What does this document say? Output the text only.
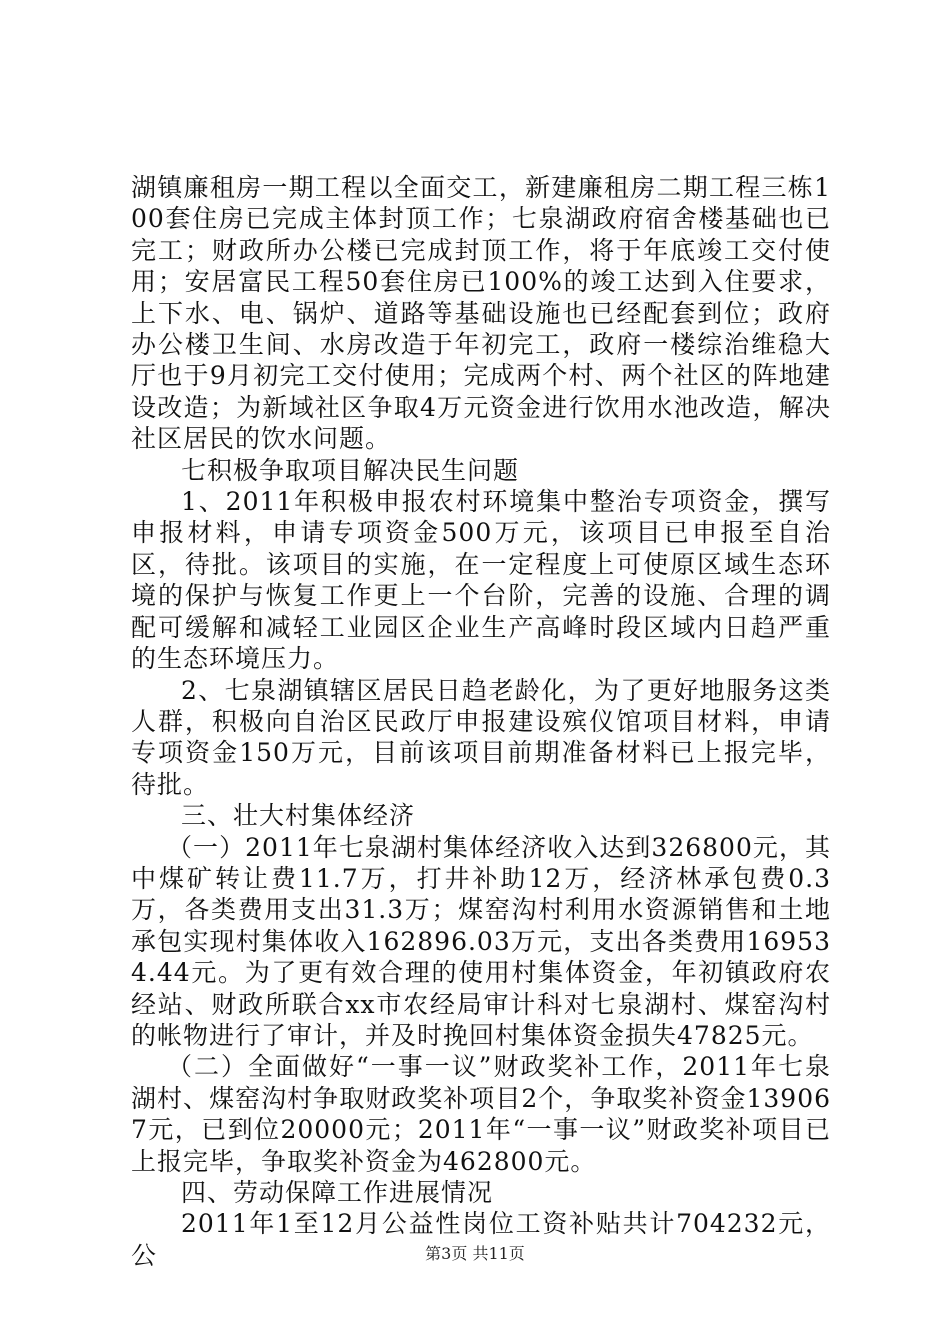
湖镇廉租房一期工程以全面交工，新建廉租房二期工程三栋100套住房已完成主体封顶工作；七泉湖政府宿舍楼基础也已完工；财政所办公楼已完成封顶工作，将于年底竣工交付使用；安居富民工程50套住房已100%的竣工达到入住要求，上下水、电、锅炉、道路等基础设施也已经配套到位；政府办公楼卫生间、水房改造于年初完工，政府一楼综治维稳大厅也于9月初完工交付使用；完成两个村、两个社区的阵地建设改造；为新域社区争取4万元资金进行饮用水池改造，解决社区居民的饮水问题。

七积极争取项目解决民生问题

1、2011年积极申报农村环境集中整治专项资金，撰写申报材料，申请专项资金500万元，该项目已申报至自治区，待批。该项目的实施，在一定程度上可使原区域生态环境的保护与恢复工作更上一个台阶，完善的设施、合理的调配可缓解和减轻工业园区企业生产高峰时段区域内日趋严重的生态环境压力。

2、七泉湖镇辖区居民日趋老龄化，为了更好地服务这类人群，积极向自治区民政厅申报建设殡仪馆项目材料，申请专项资金150万元，目前该项目前期准备材料已上报完毕，待批。

三、壮大村集体经济

（一）2011年七泉湖村集体经济收入达到326800元，其中煤矿转让费11.7万，打井补助12万，经济林承包费0.3万，各类费用支出31.3万；煤窑沟村利用水资源销售和土地承包实现村集体收入162896.03万元，支出各类费用169534.44元。为了更有效合理的使用村集体资金，年初镇政府农经站、财政所联合xx市农经局审计科对七泉湖村、煤窑沟村的帐物进行了审计，并及时挽回村集体资金损失47825元。

（二）全面做好“一事一议”财政奖补工作，2011年七泉湖村、煤窑沟村争取财政奖补项目2个，争取奖补资金139067元，已到位20000元；2011年“一事一议”财政奖补项目已上报完毕，争取奖补资金为462800元。

四、劳动保障工作进展情况

2011年1至12月公益性岗位工资补贴共计704232元，公	第3页 共11页
